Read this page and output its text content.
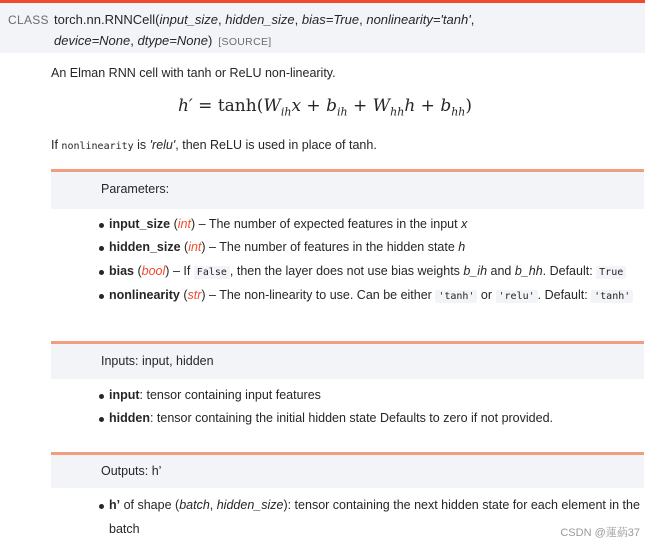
CLASS torch.nn.RNNCell(input_size, hidden_size, bias=True, nonlinearity='tanh',
device=None, dtype=None) [SOURCE]
An Elman RNN cell with tanh or ReLU non-linearity.
$h' = \tanh(W_{ih}x + b_{ih} + W_{hh}h + b_{hh})$
If nonlinearity is 'relu', then ReLU is used in place of tanh.
Parameters:
input_size (int) – The number of expected features in the input x
hidden_size (int) – The number of features in the hidden state h
bias (bool) – If False , then the layer does not use bias weights b_ih and b_hh. Default: True
nonlinearity (str) – The non-linearity to use. Can be either 'tanh' or 'relu' . Default: 'tanh'
Inputs: input, hidden
input: tensor containing input features
hidden: tensor containing the initial hidden state Defaults to zero if not provided.
Outputs: h’
h’ of shape (batch, hidden_size): tensor containing the next hidden state for each element in the
batch	CSDN @蓮蒳37
